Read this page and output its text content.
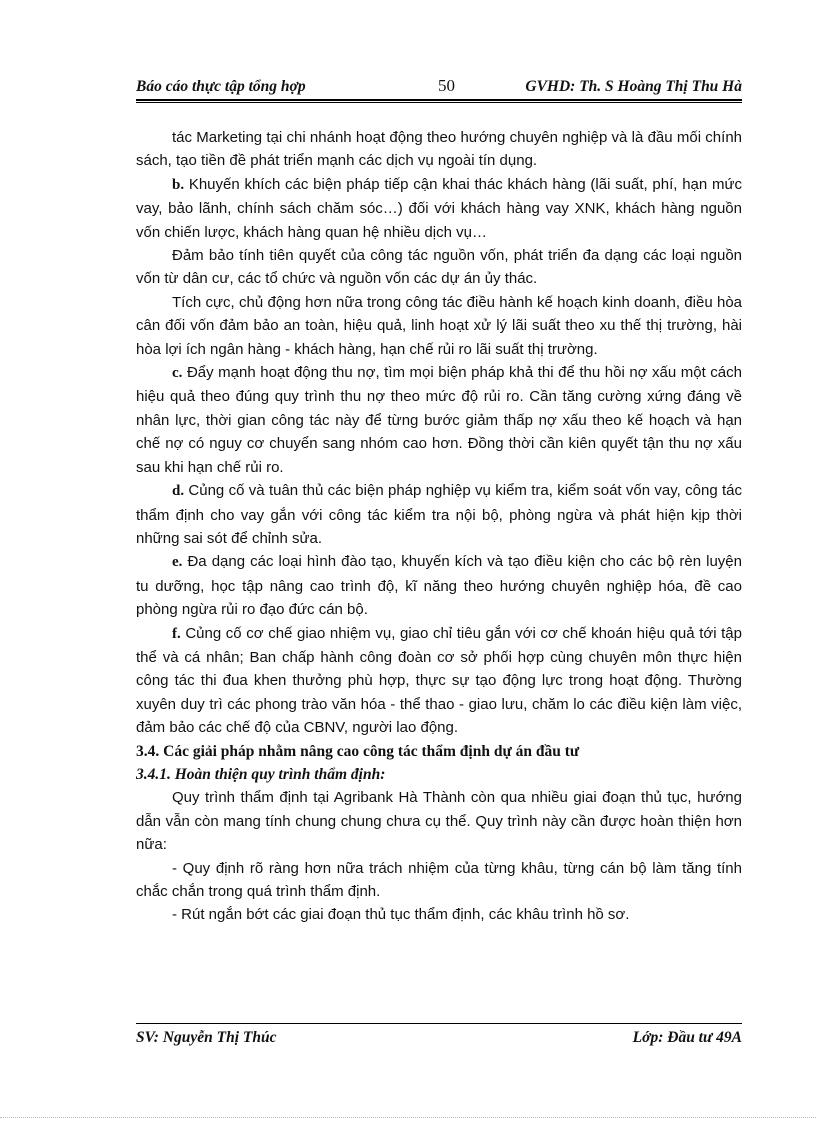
Báo cáo thực tập tổng hợp	50	GVHD: Th. S Hoàng Thị Thu Hà

tác Marketing tại chi nhánh hoạt động theo hướng chuyên nghiệp và là đầu mối chính sách, tạo tiền đề phát triển mạnh các dịch vụ ngoài tín dụng.

b. Khuyến khích các biện pháp tiếp cận khai thác khách hàng (lãi suất, phí, hạn mức vay, bảo lãnh, chính sách chăm sóc…) đối với khách hàng vay XNK, khách hàng nguồn vốn chiến lược, khách hàng quan hệ nhiều dịch vụ…

Đảm bảo tính tiên quyết của công tác nguồn vốn, phát triển đa dạng các loại nguồn vốn từ dân cư, các tổ chức và nguồn vốn các dự án ủy thác.

Tích cực, chủ động hơn nữa trong công tác điều hành kế hoạch kinh doanh, điều hòa cân đối vốn đảm bảo an toàn, hiệu quả, linh hoạt xử lý lãi suất theo xu thế thị trường, hài hòa lợi ích ngân hàng - khách hàng, hạn chế rủi ro lãi suất thị trường.

c. Đẩy mạnh hoạt động thu nợ, tìm mọi biện pháp khả thi để thu hồi nợ xấu một cách hiệu quả theo đúng quy trình thu nợ theo mức độ rủi ro. Cần tăng cường xứng đáng về nhân lực, thời gian công tác này để từng bước giảm thấp nợ xấu theo kế hoạch và hạn chế nợ có nguy cơ chuyển sang nhóm cao hơn. Đồng thời cần kiên quyết tận thu nợ xấu sau khi hạn chế rủi ro.

d. Củng cố và tuân thủ các biện pháp nghiệp vụ kiểm tra, kiểm soát vốn vay, công tác thẩm định cho vay gắn với công tác kiểm tra nội bộ, phòng ngừa và phát hiện kịp thời những sai sót để chỉnh sửa.

e. Đa dạng các loại hình đào tạo, khuyến kích và tạo điều kiện cho các bộ rèn luyện tu dưỡng, học tập nâng cao trình độ, kĩ năng theo hướng chuyên nghiệp hóa, đề cao phòng ngừa rủi ro đạo đức cán bộ.

f. Củng cố cơ chế giao nhiệm vụ, giao chỉ tiêu gắn với cơ chế khoán hiệu quả tới tập thể và cá nhân; Ban chấp hành công đoàn cơ sở phối hợp cùng chuyên môn thực hiện công tác thi đua khen thưởng phù hợp, thực sự tạo động lực trong hoạt động. Thường xuyên duy trì các phong trào văn hóa - thể thao - giao lưu, chăm lo các điều kiện làm việc, đảm bảo các chế độ của CBNV, người lao động.

3.4. Các giải pháp nhằm nâng cao công tác thẩm định dự án đầu tư

3.4.1. Hoàn thiện quy trình thẩm định:

Quy trình thẩm định tại Agribank Hà Thành còn qua nhiều giai đoạn thủ tục, hướng dẫn vẫn còn mang tính chung chung chưa cụ thể. Quy trình này cần được hoàn thiện hơn nữa:

- Quy định rõ ràng hơn nữa trách nhiệm của từng khâu, từng cán bộ làm tăng tính chắc chắn trong quá trình thẩm định.

- Rút ngắn bớt các giai đoạn thủ tục thẩm định, các khâu trình hồ sơ.

SV: Nguyễn Thị Thúc	Lớp: Đầu tư 49A
